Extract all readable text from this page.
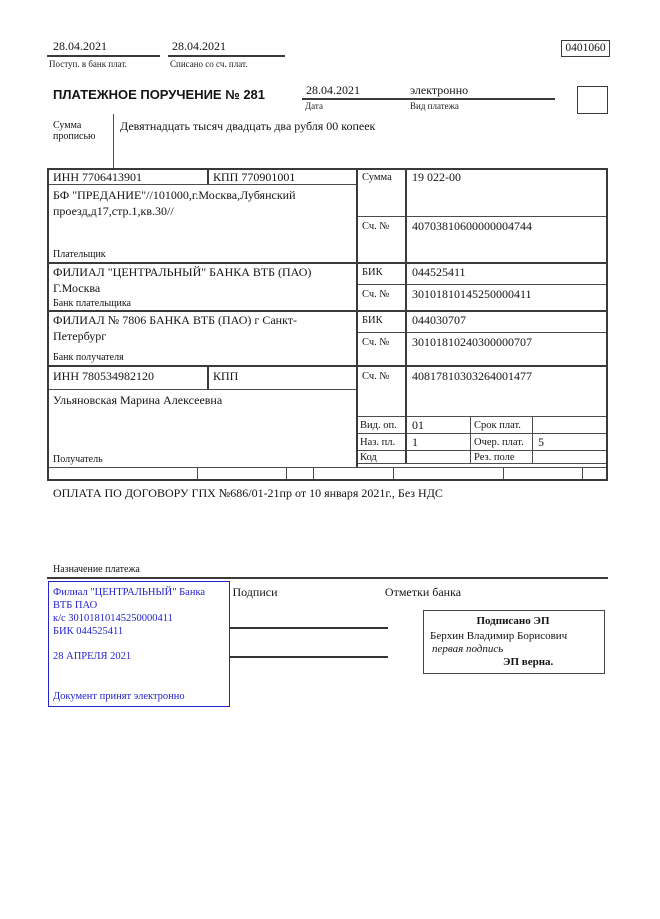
28.04.2021
Поступ. в банк плат.
28.04.2021
Списано со сч. плат.
0401060
ПЛАТЕЖНОЕ ПОРУЧЕНИЕ № 281	28.04.2021
Дата
электронно
Вид платежа
Сумма прописью
Девятнадцать тысяч двадцать два рубля 00 копеек
ИНН 7706413901	КПП 770901001	Сумма 19 022-00
БФ "ПРЕДАНИЕ"//101000,г.Москва,Лубянский
проезд,д17,стр.1,кв.30//
Плательщик
Сч. № 40703810600000004744
ФИЛИАЛ "ЦЕНТРАЛЬНЫЙ" БАНКА ВТБ (ПАО)
Г.Москва
Банк плательщика
БИК 044525411
Сч. № 30101810145250000411
ФИЛИАЛ № 7806 БАНКА ВТБ (ПАО) г Санкт-
Петербург
Банк получателя
БИК 044030707
Сч. № 30101810240300000707
ИНН 780534982120	КПП	Сч. № 40817810303264001477
Ульяновская Марина Алексеевна
Получатель
Вид. оп. 01	Срок плат.
Наз. пл. 1	Очер. плат. 5
Код	Рез. поле
ОПЛАТА ПО ДОГОВОРУ ГПХ №686/01-21пр от 10 января 2021г., Без НДС
Назначение платежа
Подписи	Отметки банка
Филиал "ЦЕНТРАЛЬНЫЙ" Банка
ВТБ ПАО
к/с 30101810145250000411
БИК 044525411
28 АПРЕЛЯ 2021
Документ принят электронно
Подписано ЭП
Берхин Владимир Борисович
первая подпись
ЭП верна.
